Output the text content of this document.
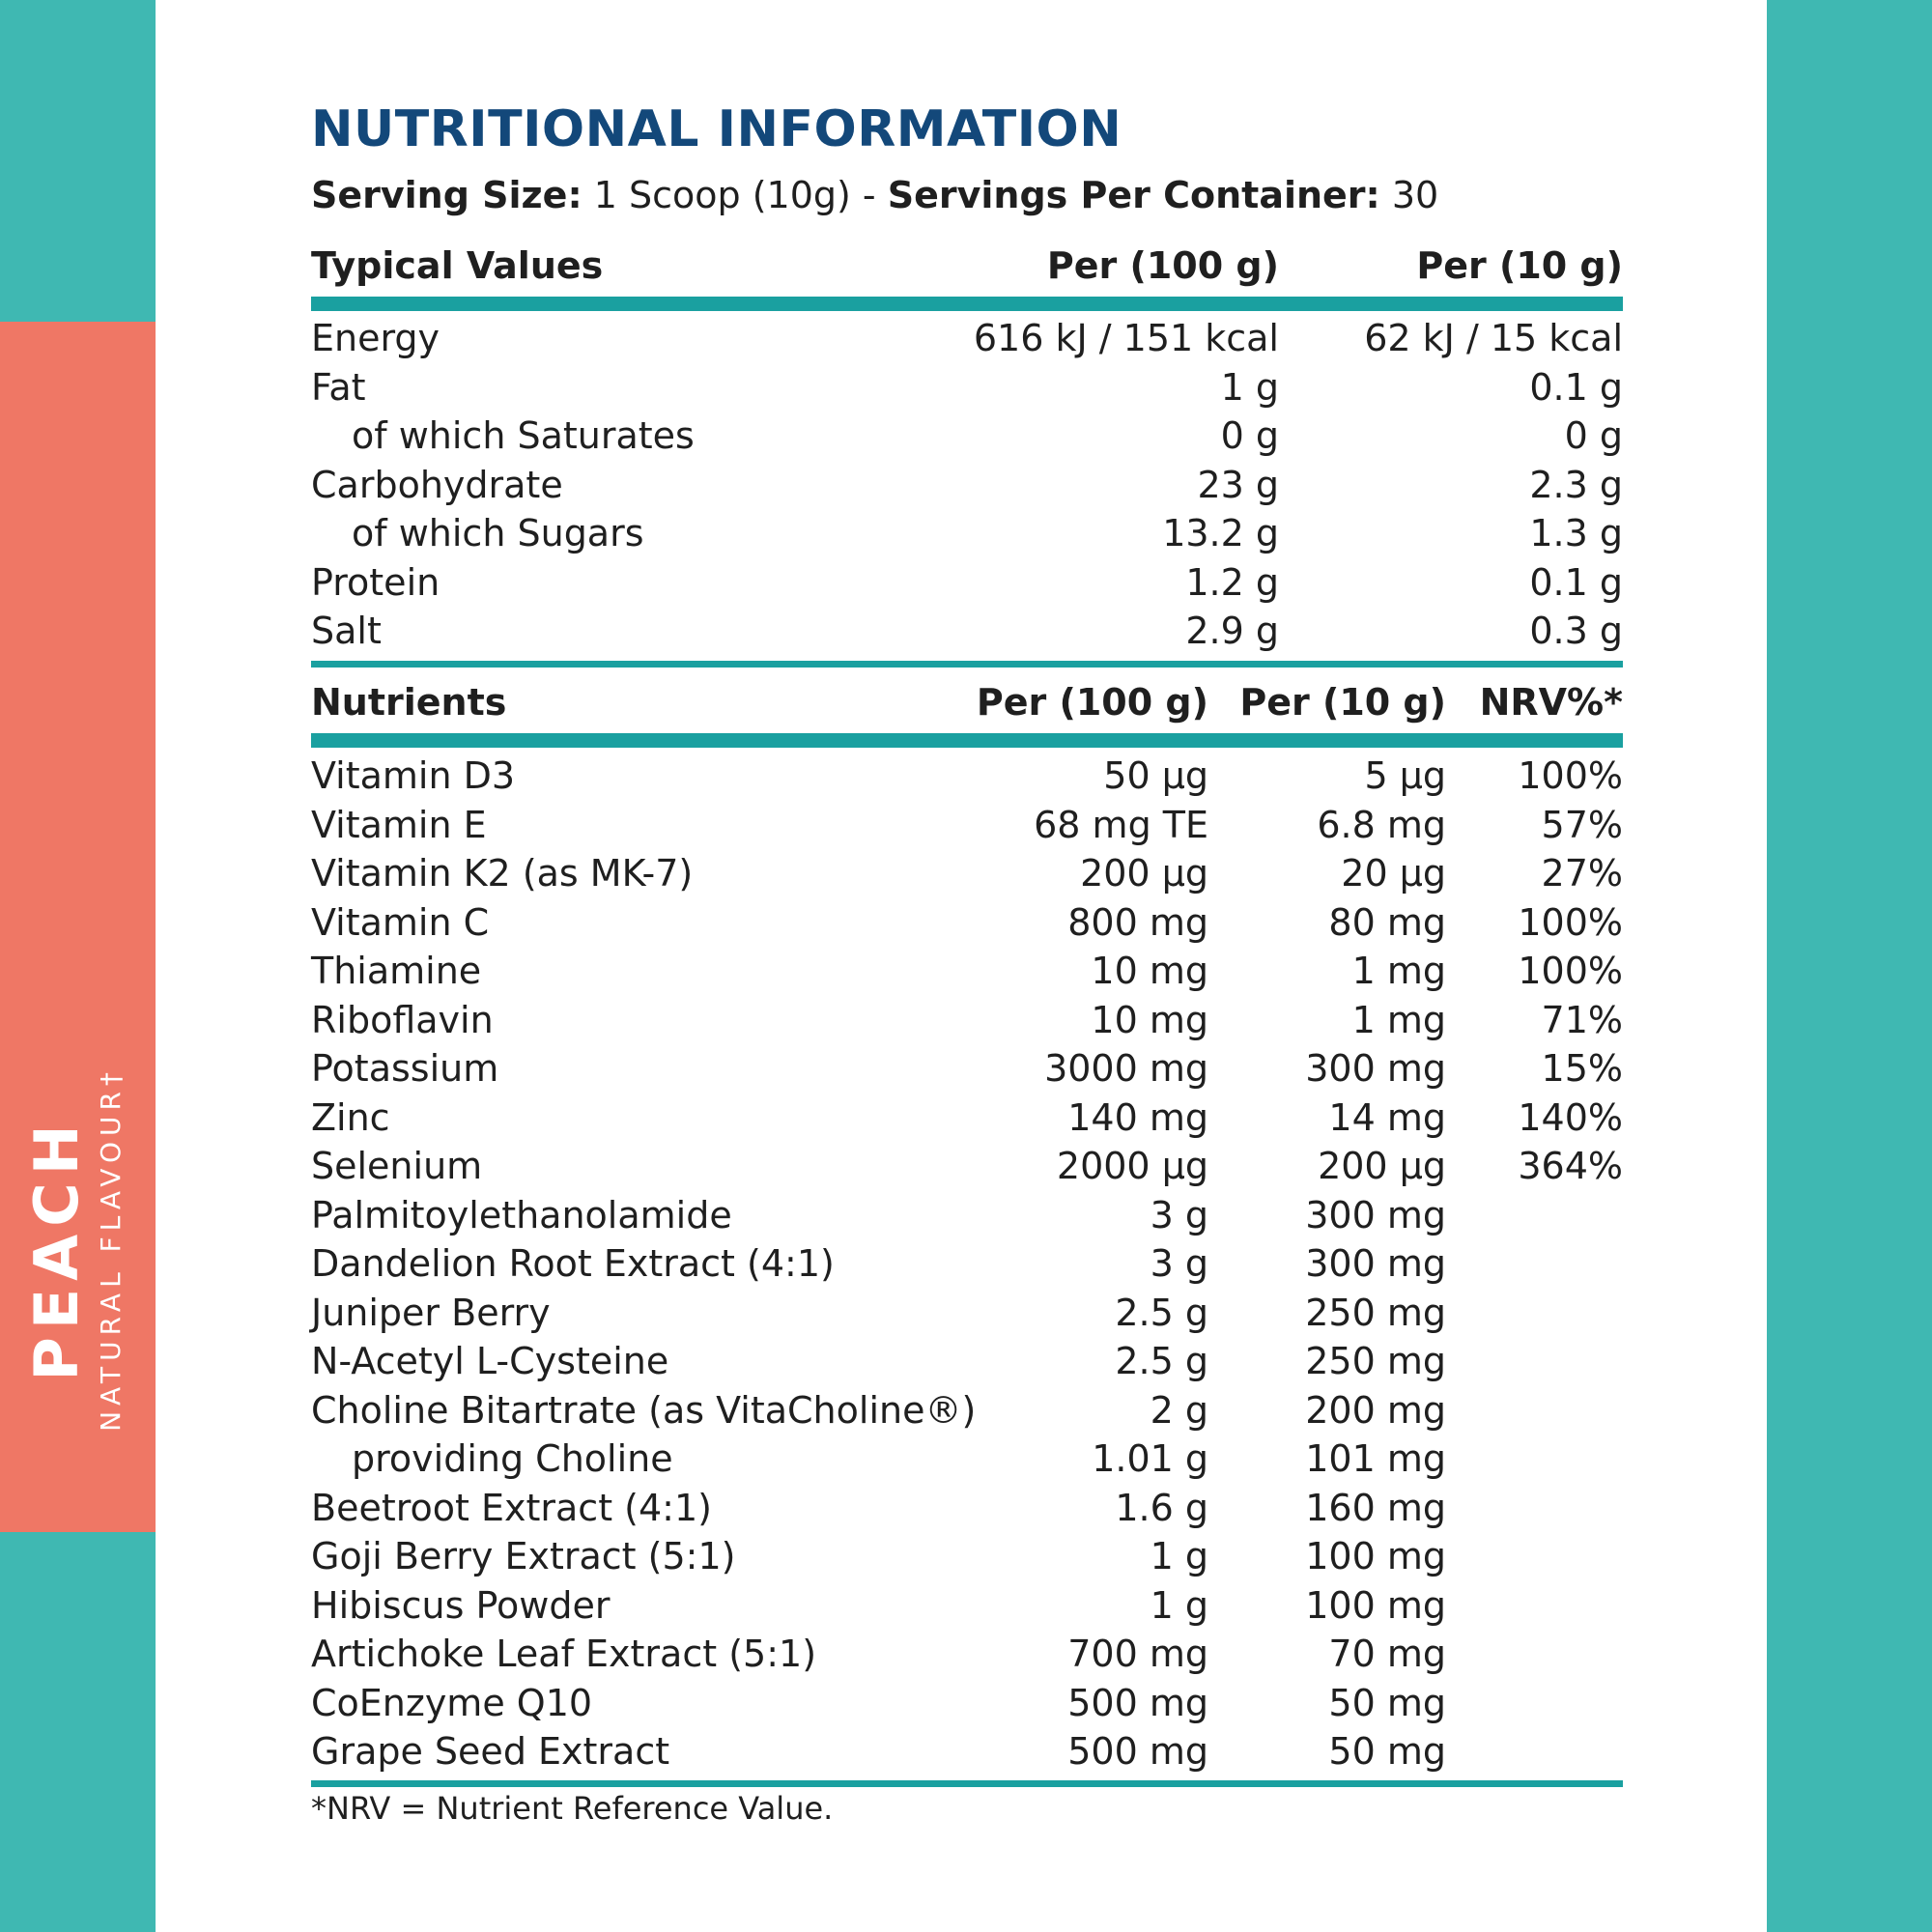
PEACH NATURAL FLAVOUR†
NUTRITIONAL INFORMATION
Serving Size: 1 Scoop (10g) - Servings Per Container: 30
Typical Values	Per (100 g)	Per (10 g)
Energy	616 kJ / 151 kcal 62 kJ / 15 kcal
Fat	1 g	0.1 g
of which Saturates	0 g	0 g
Carbohydrate	23 g	2.3 g
of which Sugars	13.2 g	1.3 g
Protein	1.2 g	0.1 g
Salt	2.9 g	0.3 g
Nutrients	Per (100 g) Per (10 g) NRV%*
Vitamin D3	50 µg	5 µg 100%
Vitamin E	68 mg TE	6.8 mg	57%
Vitamin K2 (as MK-7)	200 µg	20 µg	27%
Vitamin C	800 mg	80 mg 100%
Thiamine	10 mg	1 mg 100%
Riboflavin	10 mg	1 mg	71%
Potassium	3000 mg	300 mg	15%
Zinc	140 mg	14 mg 140%
Selenium	2000 µg	200 µg 364%
Palmitoylethanolamide	3 g	300 mg
Dandelion Root Extract (4:1)	3 g	300 mg
Juniper Berry	2.5 g	250 mg
N-Acetyl L-Cysteine	2.5 g	250 mg
Choline Bitartrate (as VitaCholine®)	2 g	200 mg
providing Choline	1.01 g	101 mg
Beetroot Extract (4:1)	1.6 g	160 mg
Goji Berry Extract (5:1)	1 g	100 mg
Hibiscus Powder	1 g	100 mg
Artichoke Leaf Extract (5:1)	700 mg	70 mg
CoEnzyme Q10	500 mg	50 mg
Grape Seed Extract	500 mg	50 mg
*NRV = Nutrient Reference Value.
